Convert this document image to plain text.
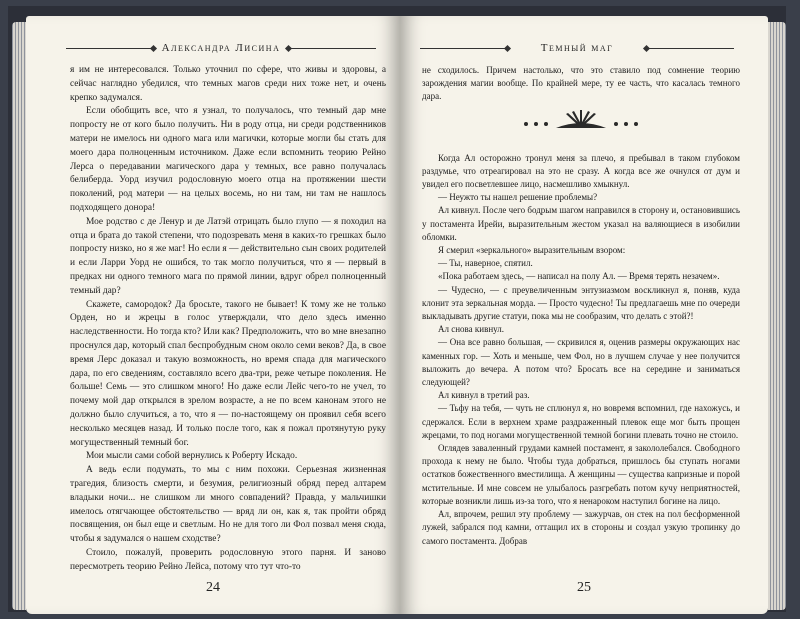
Александра Лисина

я им не интересовался. Только уточнил по сфере, что живы и здоровы, а сейчас наглядно убедился, что темных магов среди них тоже нет, и очень крепко задумался.

Если обобщить все, что я узнал, то получалось, что темный дар мне попросту не от кого было получить. Ни в роду отца, ни среди родственников матери не имелось ни одного мага или магички, которые могли бы стать для моего дара полноценным источником. Даже если вспомнить теорию Рейно Лерса о передавании магического дара у темных, все равно получалась белиберда. Уорд изучил родословную моего отца на протяжении шести поколений, род матери — на целых восемь, но ни там, ни там не нашлось подходящего донора!

Мое родство с де Ленур и де Латэй отрицать было глупо — я походил на отца и брата до такой степени, что подозревать меня в каких-то грешках было попросту низко, но я же маг! Но если я — действительно сын своих родителей и если Ларри Уорд не ошибся, то так могло получиться, что я — первый в предках ни одного темного мага по прямой линии, вдруг обрел полноценный темный дар?

Скажете, самородок? Да бросьте, такого не бывает! К тому же не только Орден, но и жрецы в голос утверждали, что дело здесь именно наследственности. Но тогда кто? Или как? Предположить, что во мне внезапно проснулся дар, который спал беспробудным сном около семи веков? Да, в свое время Лерс доказал и такую возможность, но время спада для магического дара, по его сведениям, составляло всего два-три, реже четыре поколения. Не больше! Семь — это слишком много! Но даже если Лейс чего-то не учел, то почему мой дар открылся в зрелом возрасте, а не по всем канонам этого не должно было случиться, а то, что я — по-настоящему он проявил себя всего несколько месяцев назад. И только после того, как я пожал протянутую руку могущественный темный бог.

Мои мысли сами собой вернулись к Роберту Искадо.

А ведь если подумать, то мы с ним похожи. Серьезная жизненная трагедия, близость смерти, и безумия, религиозный обряд перед алтарем владыки ночи... не слишком ли много совпадений? Правда, у мальчишки имелось отягчающее обстоятельство — вряд ли он, как я, так пройти обряд посвящения, он был еще и светлым. Но не для того ли Фол позвал меня сюда, чтобы я задумался о нашем сходстве?

Стоило, пожалуй, проверить родословную этого парня. И заново пересмотреть теорию Рейно Лейса, потому что тут что-то

24
Темный маг

не сходилось. Причем настолько, что это ставило под сомнение теорию зарождения магии вообще. По крайней мере, ту ее часть, что касалась темного дара.

Когда Ал осторожно тронул меня за плечо, я пребывал в таком глубоком раздумье, что отреагировал на это не сразу. А когда все же очнулся от дум и увидел его посветлевшее лицо, насмешливо хмыкнул.

— Неужто ты нашел решение проблемы?

Ал кивнул. После чего бодрым шагом направился в сторону и, остановившись у постамента Ирейи, выразительным жестом указал на валяющиеся в изобилии обломки.

Я смерил «зеркального» выразительным взором:

— Ты, наверное, спятил.

«Пока работаем здесь, — написал на полу Ал. — Время терять незачем».

— Чудесно, — с преувеличенным энтузиазмом воскликнул я, поняв, куда клонит эта зеркальная морда. — Просто чудесно! Ты предлагаешь мне по очереди выкладывать другие статуи, пока мы не сообразим, что делать с этой?!

Ал снова кивнул.

— Она все равно большая, — скривился я, оценив размеры окружающих нас каменных гор. — Хоть и меньше, чем Фол, но в лучшем случае у нее получится выложить до вечера. А потом что? Бросать все на середине и заниматься следующей?

Ал кивнул в третий раз.

— Тьфу на тебя, — чуть не сплюнул я, но вовремя вспомнил, где нахожусь, и сдержался. Если в верхнем храме раздраженный плевок еще мог быть прощен жрецами, то под ногами могущественной темной богини плевать точно не стоило.

Оглядев заваленный грудами камней постамент, я закололебался. Свободного прохода к нему не было. Чтобы туда добраться, пришлось бы ступать ногами остатков божественного вместилища. А женщины — существа капризные и порой мстительные. И мне совсем не улыбалось разгребать потом кучу неприятностей, которые возникли лишь из-за того, что я ненароком наступил богине на лицо.

Ал, впрочем, решил эту проблему — зажурчав, он стек на пол бесформенной лужей, забрался под камни, оттащил их в стороны и создал узкую тропинку до самого постамента. Добрав

25
